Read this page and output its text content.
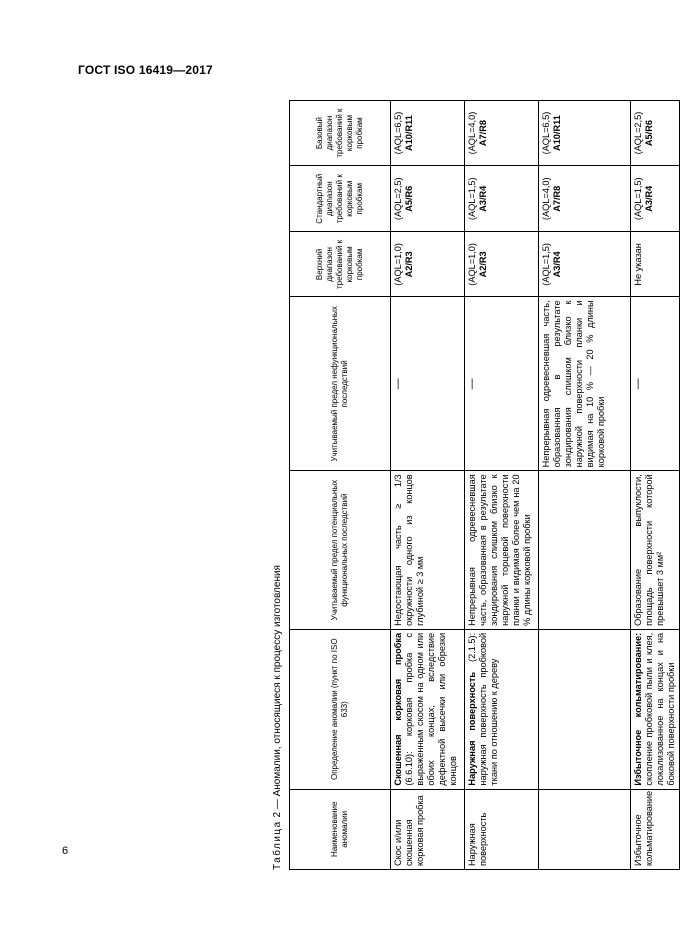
ГОСТ ISO 16419—2017
Таблица 2 — Аномалии, относящиеся к процессу изготовления
Наименование аномалии	Определение аномалии (пункт по ISO 633)	Учитываемый предел потенциальных функциональных последствий	Учитываемый предел нефункциональных последствий	Верхний диапазон требований к корковым пробкам	Стандартный диапазон требований к корковым пробкам	Базовый диапазон требований к корковым пробкам
Скос и/или скошенная корковая пробка	Скошенная корковая пробка (6.6.10): корковая пробка с выраженным скосом на одном или обоих концах, вследствие дефектной высечки или обрезки концов	Недостающая часть ≥ 1/3 окружности одного из концов глубиной ≥ 3 мм	—	(AQL=1,0) A2/R3	(AQL=2,5) A5/R6	(AQL=6,5) A10/R11

Наружная поверхность	Наружная поверхность (2.1.5): наружная поверхность пробковой ткани по отношению к дереву	Непрерывная одревесневшая часть, образованная в результате зондирования слишком близко к наружной торцевой поверхности планки и видимая более чем на 20 % длины корковой пробки	—	(AQL=1,0) A2/R3	(AQL=1,5) A3/R4	(AQL=4,0) A7/R8

			Непрерывная одревесневшая часть, образованная в результате зондирования слишком близко к наружной поверхности планки и видимая на 10 % — 20 % длины корковой пробки	(AQL=1,5) A3/R4	(AQL=4,0) A7/R8	(AQL=6,5) A10/R11

Избыточное кольматирование	Избыточное кольматирование: скопление пробковой пыли и клея, локализованное на концах и на боковой поверхности пробки	Образование выпуклости, площадь поверхности которой превышает 3 мм²	—	Не указан	(AQL=1,5) A3/R4	(AQL=2,5) A5/R6
6
